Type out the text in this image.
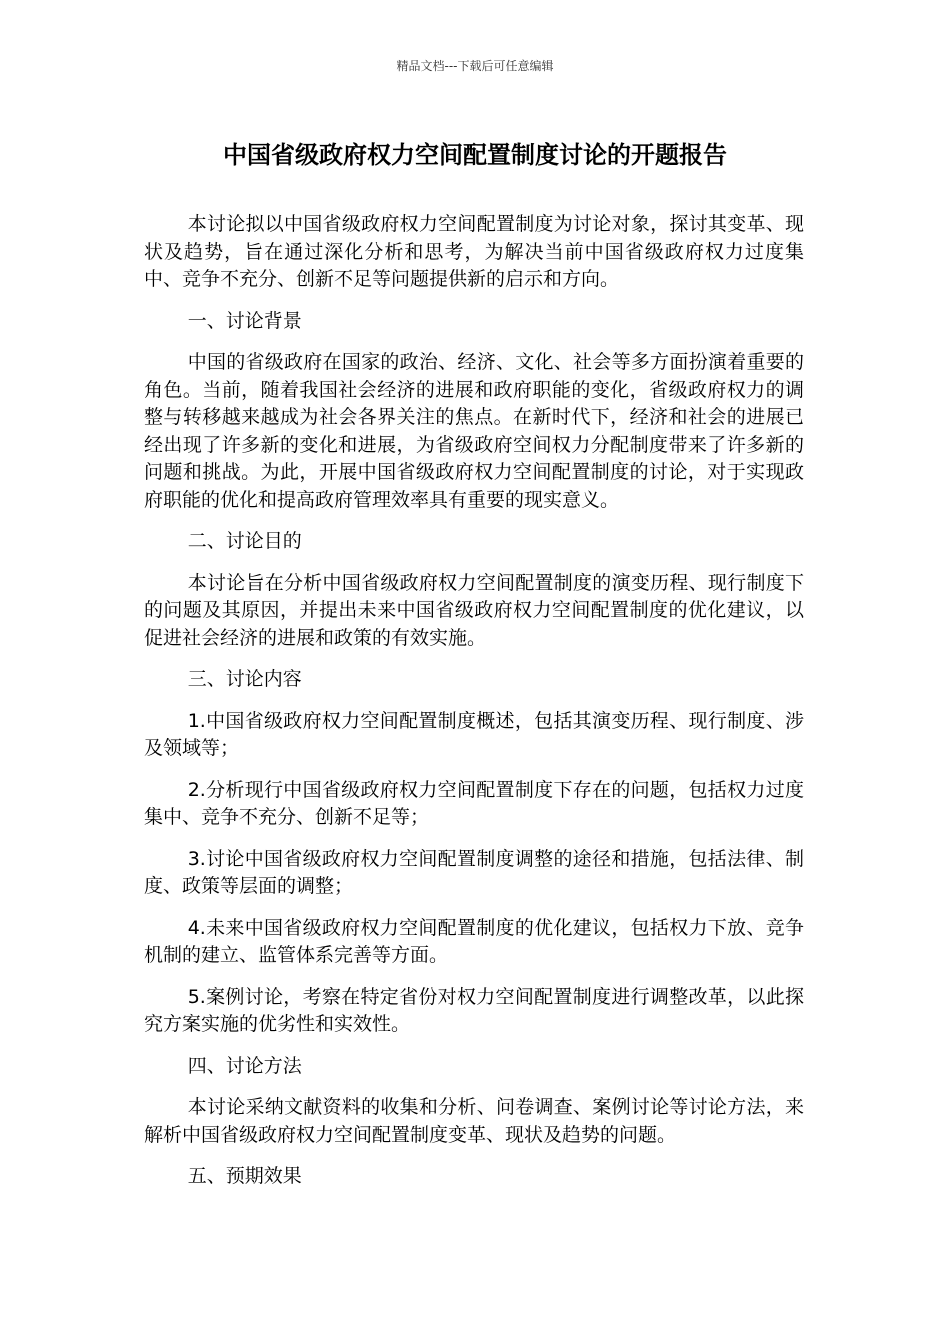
精品文档---下载后可任意编辑
中国省级政府权力空间配置制度讨论的开题报告

本讨论拟以中国省级政府权力空间配置制度为讨论对象，探讨其变革、现状及趋势，旨在通过深化分析和思考，为解决当前中国省级政府权力过度集中、竞争不充分、创新不足等问题提供新的启示和方向。

一、讨论背景

中国的省级政府在国家的政治、经济、文化、社会等多方面扮演着重要的角色。当前，随着我国社会经济的进展和政府职能的变化，省级政府权力的调整与转移越来越成为社会各界关注的焦点。在新时代下，经济和社会的进展已经出现了许多新的变化和进展，为省级政府空间权力分配制度带来了许多新的问题和挑战。为此，开展中国省级政府权力空间配置制度的讨论，对于实现政府职能的优化和提高政府管理效率具有重要的现实意义。

二、讨论目的

本讨论旨在分析中国省级政府权力空间配置制度的演变历程、现行制度下的问题及其原因，并提出未来中国省级政府权力空间配置制度的优化建议，以促进社会经济的进展和政策的有效实施。

三、讨论内容

1.中国省级政府权力空间配置制度概述，包括其演变历程、现行制度、涉及领域等；

2.分析现行中国省级政府权力空间配置制度下存在的问题，包括权力过度集中、竞争不充分、创新不足等；

3.讨论中国省级政府权力空间配置制度调整的途径和措施，包括法律、制度、政策等层面的调整；

4.未来中国省级政府权力空间配置制度的优化建议，包括权力下放、竞争机制的建立、监管体系完善等方面。

5.案例讨论，考察在特定省份对权力空间配置制度进行调整改革，以此探究方案实施的优劣性和实效性。

四、讨论方法

本讨论采纳文献资料的收集和分析、问卷调查、案例讨论等讨论方法，来解析中国省级政府权力空间配置制度变革、现状及趋势的问题。

五、预期效果
